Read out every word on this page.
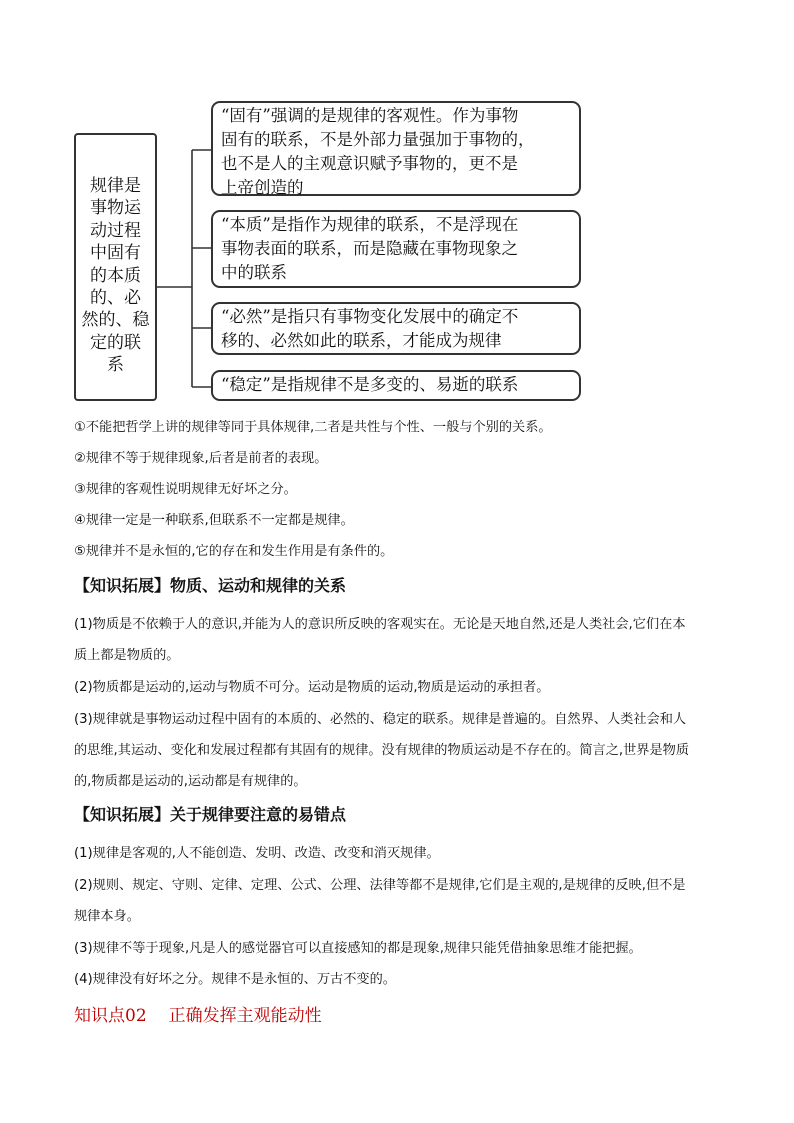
规律是
事物运
动过程
中固有
的本质
的、必
然的、稳
定的联
系
“固有”强调的是规律的客观性。作为事物
固有的联系，不是外部力量强加于事物的，
也不是人的主观意识赋予事物的，更不是
上帝创造的
“本质”是指作为规律的联系，不是浮现在
事物表面的联系，而是隐藏在事物现象之
中的联系
“必然”是指只有事物变化发展中的确定不
移的、必然如此的联系，才能成为规律
“稳定”是指规律不是多变的、易逝的联系
①不能把哲学上讲的规律等同于具体规律,二者是共性与个性、一般与个别的关系。
②规律不等于规律现象,后者是前者的表现。
③规律的客观性说明规律无好坏之分。
④规律一定是一种联系,但联系不一定都是规律。
⑤规律并不是永恒的,它的存在和发生作用是有条件的。
【知识拓展】物质、运动和规律的关系
(1)物质是不依赖于人的意识,并能为人的意识所反映的客观实在。无论是天地自然,还是人类社会,它们在本
质上都是物质的。
(2)物质都是运动的,运动与物质不可分。运动是物质的运动,物质是运动的承担者。
(3)规律就是事物运动过程中固有的本质的、必然的、稳定的联系。规律是普遍的。自然界、人类社会和人
的思维,其运动、变化和发展过程都有其固有的规律。没有规律的物质运动是不存在的。简言之,世界是物质
的,物质都是运动的,运动都是有规律的。
【知识拓展】关于规律要注意的易错点
(1)规律是客观的,人不能创造、发明、改造、改变和消灭规律。
(2)规则、规定、守则、定律、定理、公式、公理、法律等都不是规律,它们是主观的,是规律的反映,但不是
规律本身。
(3)规律不等于现象,凡是人的感觉器官可以直接感知的都是现象,规律只能凭借抽象思维才能把握。
(4)规律没有好坏之分。规律不是永恒的、万古不变的。
知识点02 正确发挥主观能动性
